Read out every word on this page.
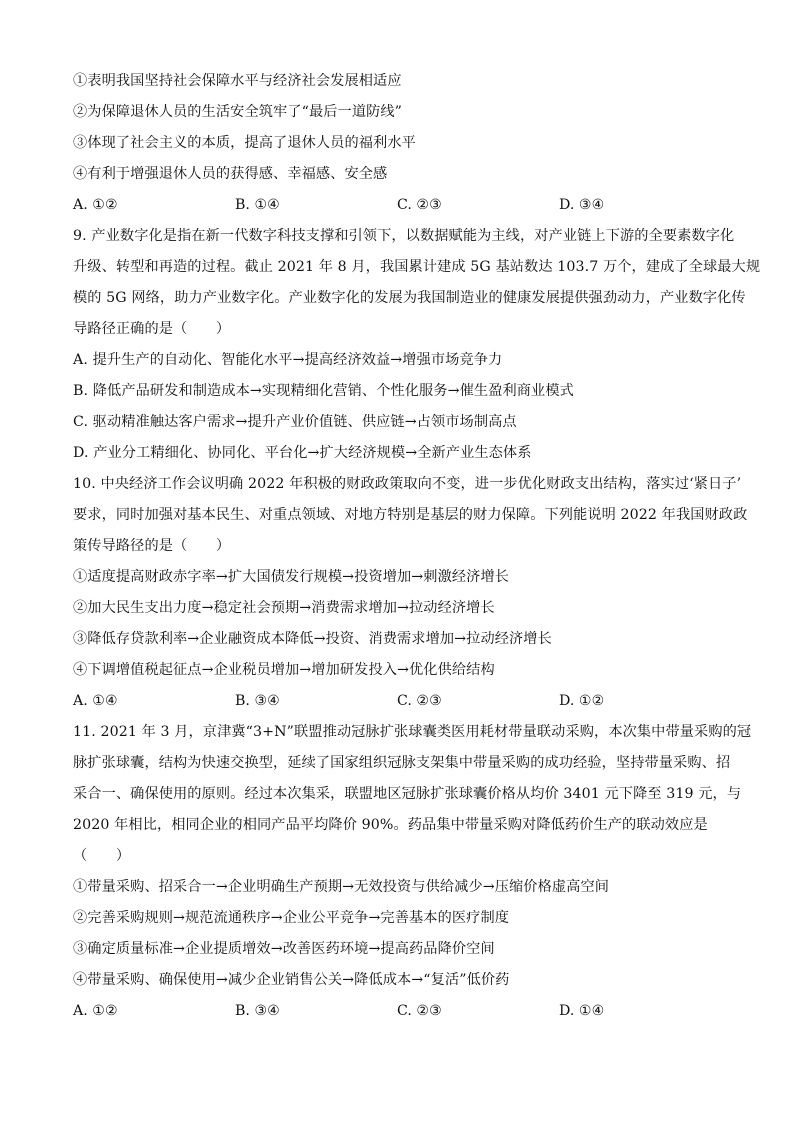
①表明我国坚持社会保障水平与经济社会发展相适应
②为保障退休人员的生活安全筑牢了“最后一道防线”
③体现了社会主义的本质，提高了退休人员的福利水平
④有利于增强退休人员的获得感、幸福感、安全感
A. ①②	B. ①④	C. ②③	D. ③④
9. 产业数字化是指在新一代数字科技支撑和引领下，以数据赋能为主线，对产业链上下游的全要素数字化
升级、转型和再造的过程。截止 2021 年 8 月，我国累计建成 5G 基站数达 103.7 万个，建成了全球最大规
模的 5G 网络，助力产业数字化。产业数字化的发展为我国制造业的健康发展提供强劲动力，产业数字化传
导路径正确的是（　　）
A. 提升生产的自动化、智能化水平→提高经济效益→增强市场竞争力
B. 降低产品研发和制造成本→实现精细化营销、个性化服务→催生盈利商业模式
C. 驱动精准触达客户需求→提升产业价值链、供应链→占领市场制高点
D. 产业分工精细化、协同化、平台化→扩大经济规模→全新产业生态体系
10. 中央经济工作会议明确 2022 年积极的财政政策取向不变，进一步优化财政支出结构，落实过‘紧日子’
要求，同时加强对基本民生、对重点领域、对地方特别是基层的财力保障。下列能说明 2022 年我国财政政
策传导路径的是（　　）
①适度提高财政赤字率→扩大国债发行规模→投资增加→刺激经济增长
②加大民生支出力度→稳定社会预期→消费需求增加→拉动经济增长
③降低存贷款利率→企业融资成本降低→投资、消费需求增加→拉动经济增长
④下调增值税起征点→企业税员增加→增加研发投入→优化供给结构
A. ①④	B. ③④	C. ②③	D. ①②
11. 2021 年 3 月，京津冀“3+N”联盟推动冠脉扩张球囊类医用耗材带量联动采购，本次集中带量采购的冠
脉扩张球囊，结构为快速交换型，延续了国家组织冠脉支架集中带量采购的成功经验，坚持带量采购、招
采合一、确保使用的原则。经过本次集采，联盟地区冠脉扩张球囊价格从均价 3401 元下降至 319 元，与
2020 年相比，相同企业的相同产品平均降价 90%。药品集中带量采购对降低药价生产的联动效应是
（　　）
①带量采购、招采合一→企业明确生产预期→无效投资与供给减少→压缩价格虚高空间
②完善采购规则→规范流通秩序→企业公平竞争→完善基本的医疗制度
③确定质量标准→企业提质增效→改善医药环境→提高药品降价空间
④带量采购、确保使用→减少企业销售公关→降低成本→“复活”低价药
A. ①②	B. ③④	C. ②③	D. ①④
